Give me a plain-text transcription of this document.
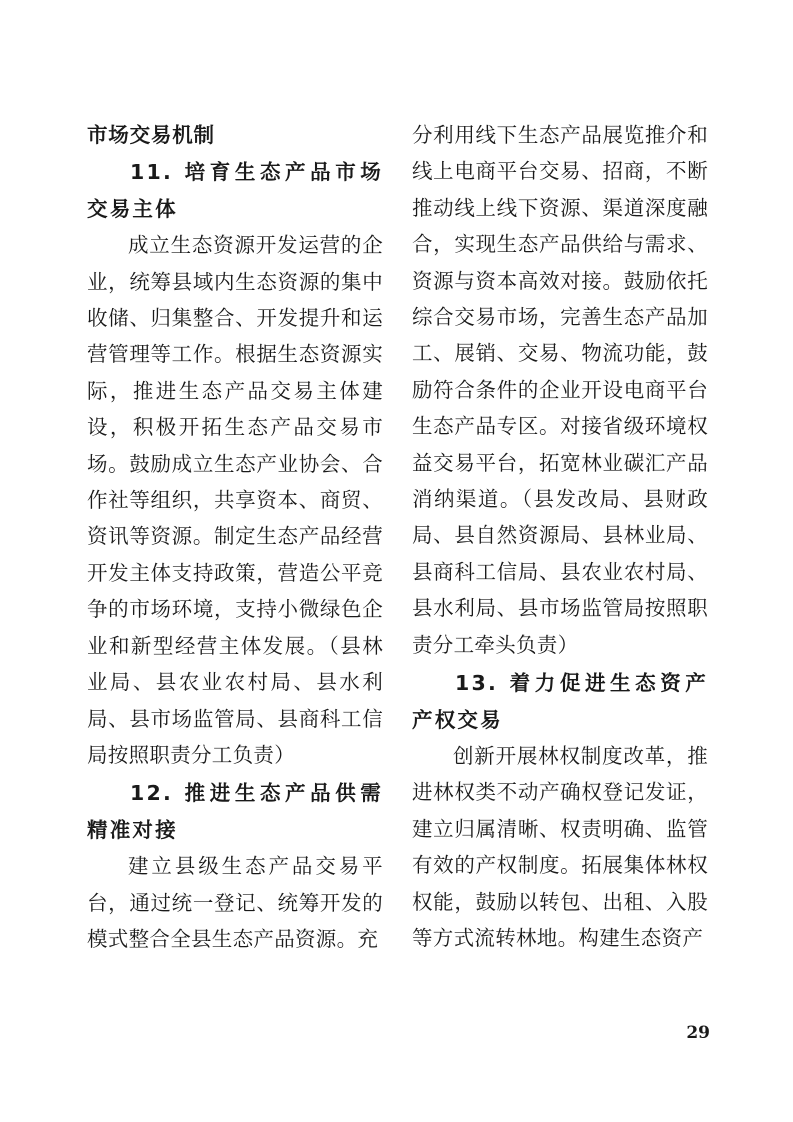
市场交易机制

11. 培育生态产品市场交易主体

成立生态资源开发运营的企业，统筹县域内生态资源的集中收储、归集整合、开发提升和运营管理等工作。根据生态资源实际，推进生态产品交易主体建设，积极开拓生态产品交易市场。鼓励成立生态产业协会、合作社等组织，共享资本、商贸、资讯等资源。制定生态产品经营开发主体支持政策，营造公平竞争的市场环境，支持小微绿色企业和新型经营主体发展。（县林业局、县农业农村局、县水利局、县市场监管局、县商科工信局按照职责分工负责）

12. 推进生态产品供需精准对接

建立县级生态产品交易平台，通过统一登记、统筹开发的模式整合全县生态产品资源。充

分利用线下生态产品展览推介和线上电商平台交易、招商，不断推动线上线下资源、渠道深度融合，实现生态产品供给与需求、资源与资本高效对接。鼓励依托综合交易市场，完善生态产品加工、展销、交易、物流功能，鼓励符合条件的企业开设电商平台生态产品专区。对接省级环境权益交易平台，拓宽林业碳汇产品消纳渠道。（县发改局、县财政局、县自然资源局、县林业局、县商科工信局、县农业农村局、县水利局、县市场监管局按照职责分工牵头负责）

13. 着力促进生态资产产权交易

创新开展林权制度改革，推进林权类不动产确权登记发证，建立归属清晰、权责明确、监管有效的产权制度。拓展集体林权权能，鼓励以转包、出租、入股等方式流转林地。构建生态资产

29
